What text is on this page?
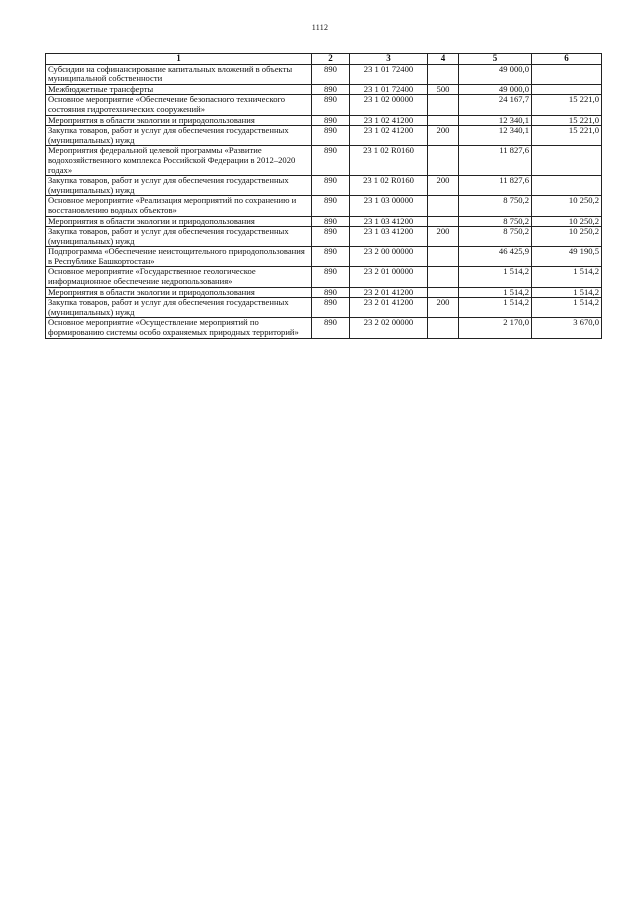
1112
1	2	3	4	5	6
Субсидии на софинансирование капитальных вложений в объекты муниципальной собственности	890	23 1 01 72400		49 000,0	
Межбюджетные трансферты	890	23 1 01 72400	500	49 000,0	
Основное мероприятие «Обеспечение безопасного технического состояния гидротехнических сооружений»	890	23 1 02 00000		24 167,7	15 221,0
Мероприятия в области экологии и природопользования	890	23 1 02 41200		12 340,1	15 221,0
Закупка товаров, работ и услуг для обеспечения государственных (муниципальных) нужд	890	23 1 02 41200	200	12 340,1	15 221,0
Мероприятия федеральной целевой программы «Развитие водохозяйственного комплекса Российской Федерации в 2012–2020 годах»	890	23 1 02 R0160		11 827,6	
Закупка товаров, работ и услуг для обеспечения государственных (муниципальных) нужд	890	23 1 02 R0160	200	11 827,6	
Основное мероприятие «Реализация мероприятий по сохранению и восстановлению водных объектов»	890	23 1 03 00000		8 750,2	10 250,2
Мероприятия в области экологии и природопользования	890	23 1 03 41200		8 750,2	10 250,2
Закупка товаров, работ и услуг для обеспечения государственных (муниципальных) нужд	890	23 1 03 41200	200	8 750,2	10 250,2
Подпрограмма «Обеспечение неистощительного природопользования в Республике Башкортостан»	890	23 2 00 00000		46 425,9	49 190,5
Основное мероприятие «Государственное геологическое информационное обеспечение недропользования»	890	23 2 01 00000		1 514,2	1 514,2
Мероприятия в области экологии и природопользования	890	23 2 01 41200		1 514,2	1 514,2
Закупка товаров, работ и услуг для обеспечения государственных (муниципальных) нужд	890	23 2 01 41200	200	1 514,2	1 514,2
Основное мероприятие «Осуществление мероприятий по формированию системы особо охраняемых природных территорий»	890	23 2 02 00000		2 170,0	3 670,0
